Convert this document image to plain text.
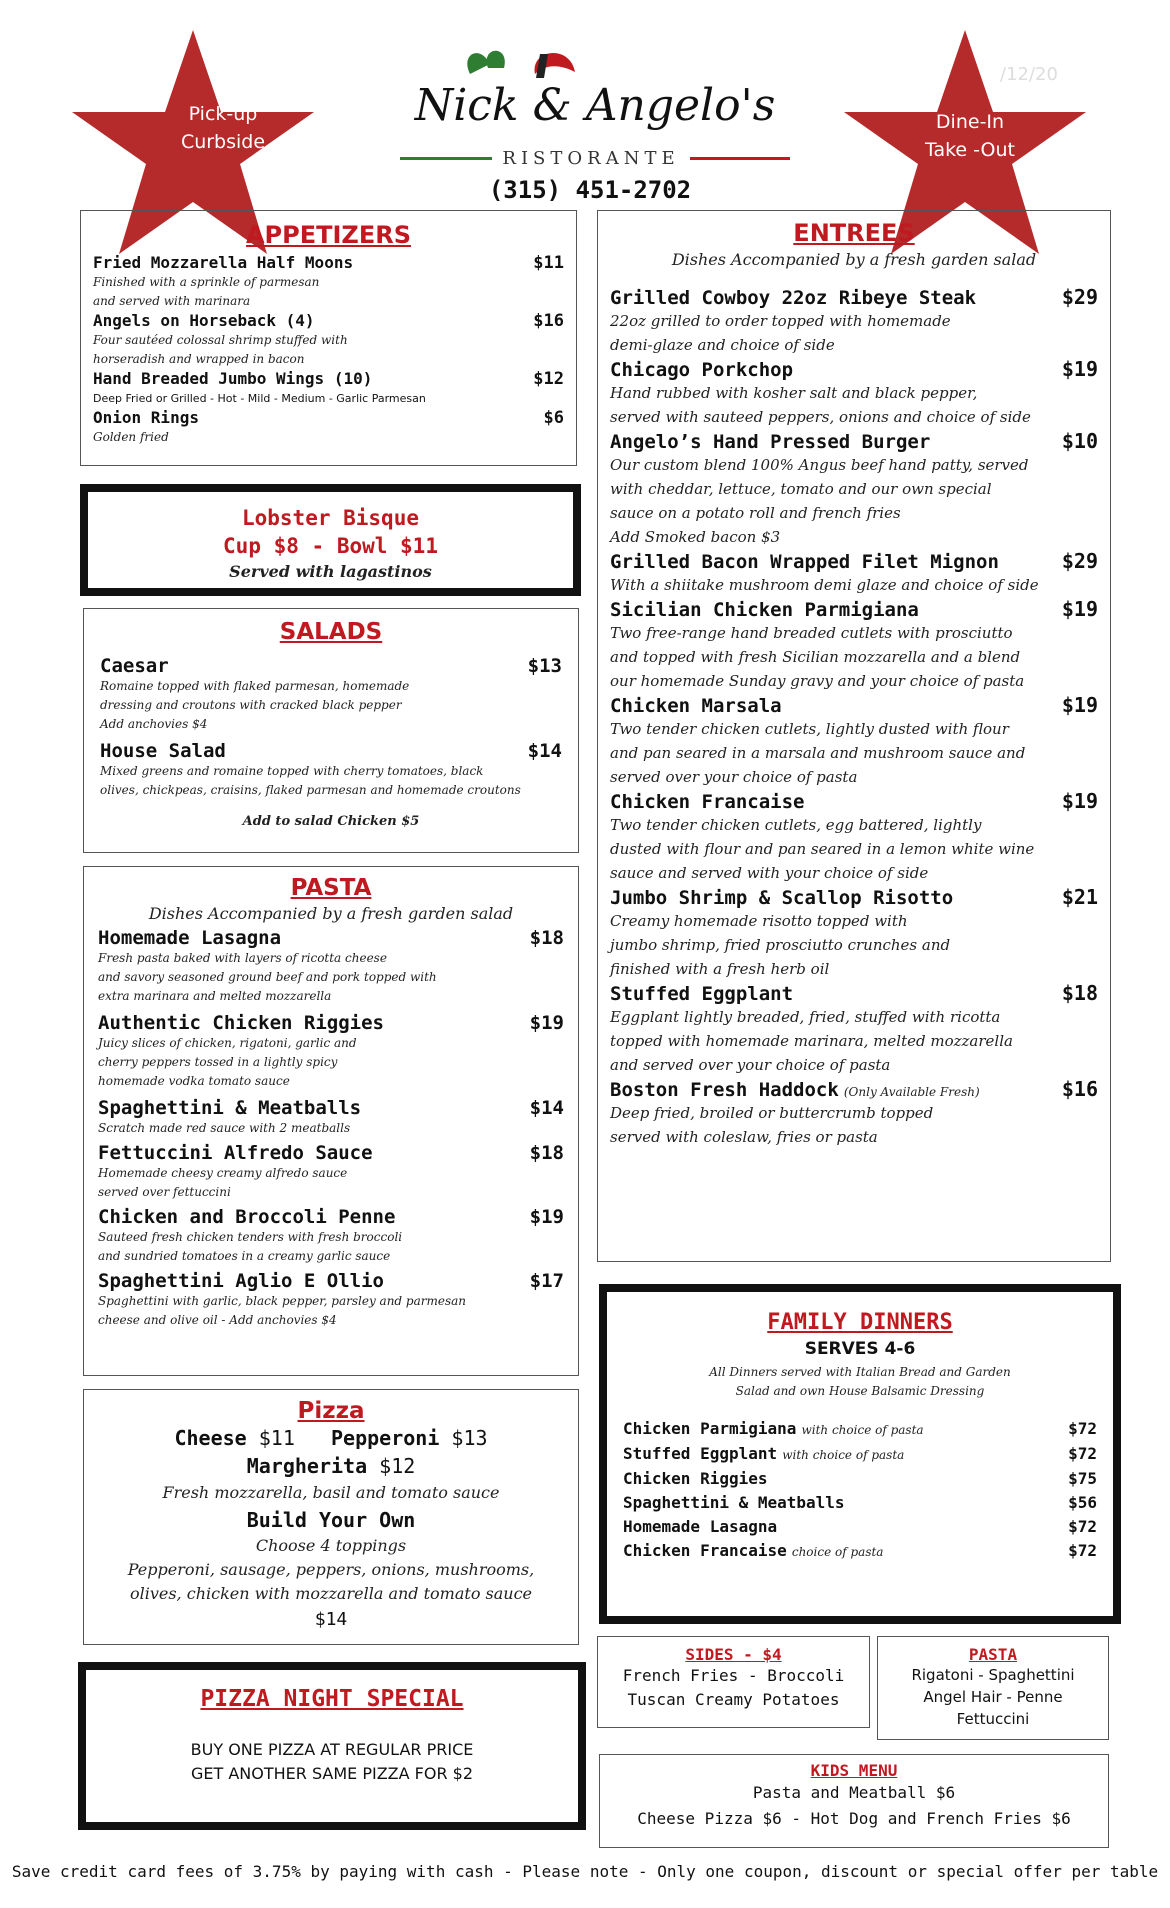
Pick-up
Curbside
Dine-In
Take -Out
/12/20
Nick & Angelo's
RISTORANTE
(315) 451-2702
APPETIZERS
Fried Mozzarella Half Moons	$11
Finished with a sprinkle of parmesan
and served with marinara
Angels on Horseback (4)	$16
Four sautéed colossal shrimp stuffed with
horseradish and wrapped in bacon
Hand Breaded Jumbo Wings (10)	$12
Deep Fried or Grilled - Hot - Mild - Medium - Garlic Parmesan
Onion Rings	$6
Golden fried
Lobster Bisque
Cup $8 - Bowl $11
Served with lagastinos
SALADS
Caesar	$13
Romaine topped with flaked parmesan, homemade
dressing and croutons with cracked black pepper
Add anchovies $4
House Salad	$14
Mixed greens and romaine topped with cherry tomatoes, black
olives, chickpeas, craisins, flaked parmesan and homemade croutons
Add to salad Chicken $5
PASTA
Dishes Accompanied by a fresh garden salad
Homemade Lasagna	$18
Fresh pasta baked with layers of ricotta cheese
and savory seasoned ground beef and pork topped with
extra marinara and melted mozzarella
Authentic Chicken Riggies	$19
Juicy slices of chicken, rigatoni, garlic and
cherry peppers tossed in a lightly spicy
homemade vodka tomato sauce
Spaghettini & Meatballs	$14
Scratch made red sauce with 2 meatballs
Fettuccini Alfredo Sauce	$18
Homemade cheesy creamy alfredo sauce
served over fettuccini
Chicken and Broccoli Penne	$19
Sauteed fresh chicken tenders with fresh broccoli
and sundried tomatoes in a creamy garlic sauce
Spaghettini Aglio E Ollio	$17
Spaghettini with garlic, black pepper, parsley and parmesan
cheese and olive oil - Add anchovies $4
Pizza
Cheese $11 Pepperoni $13
Margherita $12
Fresh mozzarella, basil and tomato sauce
Build Your Own
Choose 4 toppings
Pepperoni, sausage, peppers, onions, mushrooms,
olives, chicken with mozzarella and tomato sauce
$14
PIZZA NIGHT SPECIAL
BUY ONE PIZZA AT REGULAR PRICE
GET ANOTHER SAME PIZZA FOR $2
ENTREES
Dishes Accompanied by a fresh garden salad
Grilled Cowboy 22oz Ribeye Steak	$29
22oz grilled to order topped with homemade
demi-glaze and choice of side
Chicago Porkchop	$19
Hand rubbed with kosher salt and black pepper,
served with sauteed peppers, onions and choice of side
Angelo’s Hand Pressed Burger	$10
Our custom blend 100% Angus beef hand patty, served
with cheddar, lettuce, tomato and our own special
sauce on a potato roll and french fries
Add Smoked bacon $3
Grilled Bacon Wrapped Filet Mignon	$29
With a shiitake mushroom demi glaze and choice of side
Sicilian Chicken Parmigiana	$19
Two free-range hand breaded cutlets with prosciutto
and topped with fresh Sicilian mozzarella and a blend
our homemade Sunday gravy and your choice of pasta
Chicken Marsala	$19
Two tender chicken cutlets, lightly dusted with flour
and pan seared in a marsala and mushroom sauce and
served over your choice of pasta
Chicken Francaise	$19
Two tender chicken cutlets, egg battered, lightly
dusted with flour and pan seared in a lemon white wine
sauce and served with your choice of side
Jumbo Shrimp & Scallop Risotto	$21
Creamy homemade risotto topped with
jumbo shrimp, fried prosciutto crunches and
finished with a fresh herb oil
Stuffed Eggplant	$18
Eggplant lightly breaded, fried, stuffed with ricotta
topped with homemade marinara, melted mozzarella
and served over your choice of pasta
Boston Fresh Haddock (Only Available Fresh)	$16
Deep fried, broiled or buttercrumb topped
served with coleslaw, fries or pasta
FAMILY DINNERS
SERVES 4-6
All Dinners served with Italian Bread and Garden
Salad and own House Balsamic Dressing
Chicken Parmigiana with choice of pasta	$72
Stuffed Eggplant with choice of pasta	$72
Chicken Riggies	$75
Spaghettini & Meatballs	$56
Homemade Lasagna	$72
Chicken Francaise choice of pasta	$72
SIDES - $4
French Fries - Broccoli
Tuscan Creamy Potatoes
PASTA
Rigatoni - Spaghettini
Angel Hair - Penne
Fettuccini
KIDS MENU
Pasta and Meatball $6
Cheese Pizza $6 - Hot Dog and French Fries $6
Save credit card fees of 3.75% by paying with cash - Please note - Only one coupon, discount or special offer per table
